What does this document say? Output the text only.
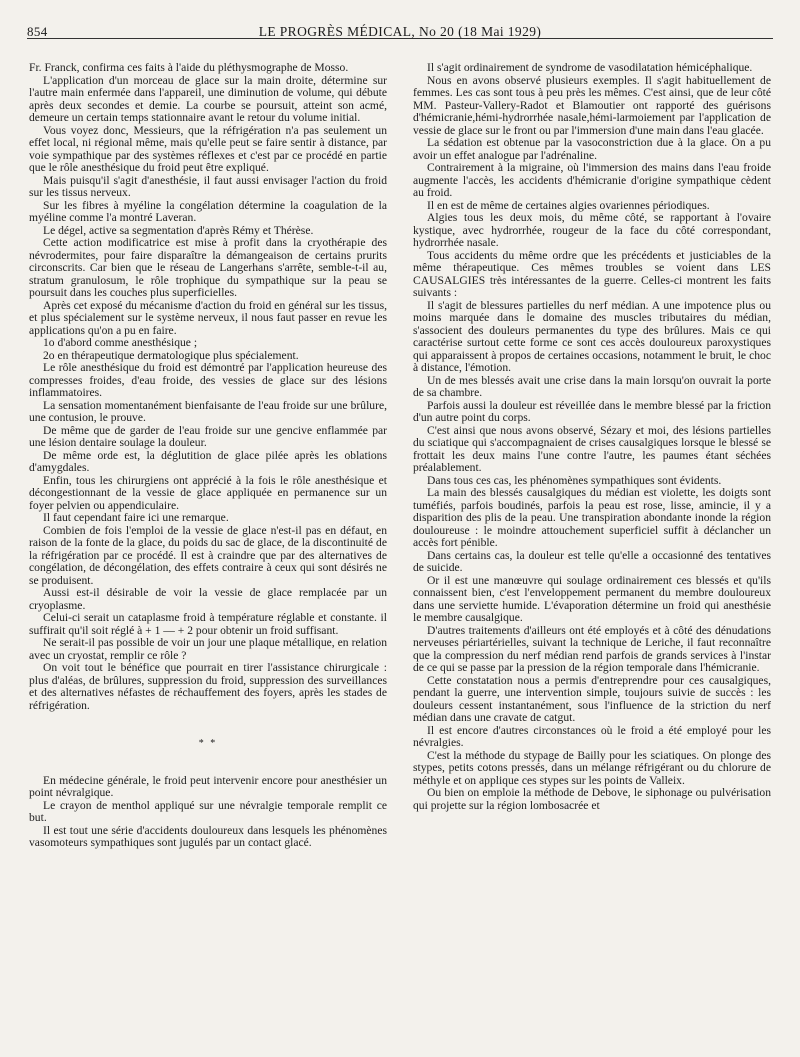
854	LE PROGRÈS MÉDICAL, No 20 (18 Mai 1929)

Fr. Franck, confirma ces faits à l'aide du pléthysmographe de Mosso.

L'application d'un morceau de glace sur la main droite, détermine sur l'autre main enfermée dans l'appareil, une diminution de volume, qui débute après deux secondes et demie. La courbe se poursuit, atteint son acmé, demeure un certain temps stationnaire avant le retour du volume initial.

Vous voyez donc, Messieurs, que la réfrigération n'a pas seulement un effet local, ni régional même, mais qu'elle peut se faire sentir à distance, par voie sympathique par des systèmes réflexes et c'est par ce procédé en partie que le rôle anesthésique du froid peut être expliqué.

Mais puisqu'il s'agit d'anesthésie, il faut aussi envisager l'action du froid sur les tissus nerveux.

Sur les fibres à myéline la congélation détermine la coagulation de la myéline comme l'a montré Laveran.

Le dégel, active sa segmentation d'après Rémy et Thérèse.

Cette action modificatrice est mise à profit dans la cryothérapie des névrodermites, pour faire disparaître la démangeaison de certains prurits circonscrits. Car bien que le réseau de Langerhans s'arrête, semble-t-il au, stratum granulosum, le rôle trophique du sympathique sur la peau se poursuit dans les couches plus superficielles.

Après cet exposé du mécanisme d'action du froid en général sur les tissus, et plus spécialement sur le système nerveux, il nous faut passer en revue les applications qu'on a pu en faire.

1o d'abord comme anesthésique ;

2o en thérapeutique dermatologique plus spécialement.

Le rôle anesthésique du froid est démontré par l'application heureuse des compresses froides, d'eau froide, des vessies de glace sur des lésions inflammatoires.

La sensation momentanément bienfaisante de l'eau froide sur une brûlure, une contusion, le prouve.

De même que de garder de l'eau froide sur une gencive enflammée par une lésion dentaire soulage la douleur.

De même orde est, la déglutition de glace pilée après les oblations d'amygdales.

Enfin, tous les chirurgiens ont apprécié à la fois le rôle anesthésique et décongestionnant de la vessie de glace appliquée en permanence sur un foyer pelvien ou appendiculaire.

Il faut cependant faire ici une remarque.

Combien de fois l'emploi de la vessie de glace n'est-il pas en défaut, en raison de la fonte de la glace, du poids du sac de glace, de la discontinuité de la réfrigération par ce procédé. Il est à craindre que par des alternatives de congélation, de décongélation, des effets contraire à ceux qui sont désirés ne se produisent.

Aussi est-il désirable de voir la vessie de glace remplacée par un cryoplasme.

Celui-ci serait un cataplasme froid à température réglable et constante. il suffirait qu'il soit réglé à + 1 — + 2 pour obtenir un froid suffisant.

Ne serait-il pas possible de voir un jour une plaque métallique, en relation avec un cryostat, remplir ce rôle ?

On voit tout le bénéfice que pourrait en tirer l'assistance chirurgicale : plus d'aléas, de brûlures, suppression du froid, suppression des surveillances et des alternatives néfastes de réchauffement des foyers, après les stades de réfrigération.

* *

En médecine générale, le froid peut intervenir encore pour anesthésier un point névralgique.

Le crayon de menthol appliqué sur une névralgie temporale remplit ce but.

Il est tout une série d'accidents douloureux dans lesquels les phénomènes vasomoteurs sympathiques sont jugulés par un contact glacé.

Il s'agit ordinairement de syndrome de vasodilatation hémicéphalique.

Nous en avons observé plusieurs exemples. Il s'agit habituellement de femmes. Les cas sont tous à peu près les mêmes. C'est ainsi, que de leur côté MM. Pasteur-Vallery-Radot et Blamoutier ont rapporté des guérisons d'hémicranie,hémi-hydrorrhée nasale,hémi-larmoiement par l'application de vessie de glace sur le front ou par l'immersion d'une main dans l'eau glacée.

La sédation est obtenue par la vasoconstriction due à la glace. On a pu avoir un effet analogue par l'adrénaline.

Contrairement à la migraine, où l'immersion des mains dans l'eau froide augmente l'accès, les accidents d'hémicranie d'origine sympathique cèdent au froid.

Il en est de même de certaines algies ovariennes périodiques.

Algies tous les deux mois, du même côté, se rapportant à l'ovaire kystique, avec hydrorrhée, rougeur de la face du côté correspondant, hydrorrhée nasale.

Tous accidents du même ordre que les précédents et justiciables de la même thérapeutique. Ces mêmes troubles se voient dans LES CAUSALGIES très intéressantes de la guerre. Celles-ci montrent les faits suivants :

Il s'agit de blessures partielles du nerf médian. A une impotence plus ou moins marquée dans le domaine des muscles tributaires du médian, s'associent des douleurs permanentes du type des brûlures. Mais ce qui caractérise surtout cette forme ce sont ces accès douloureux paroxystiques qui apparaissent à propos de certaines occasions, notamment le bruit, le choc à distance, l'émotion.

Un de mes blessés avait une crise dans la main lorsqu'on ouvrait la porte de sa chambre.

Parfois aussi la douleur est réveillée dans le membre blessé par la friction d'un autre point du corps.

C'est ainsi que nous avons observé, Sézary et moi, des lésions partielles du sciatique qui s'accompagnaient de crises causalgiques lorsque le blessé se frottait les deux mains l'une contre l'autre, les paumes étant séchées préalablement.

Dans tous ces cas, les phénomènes sympathiques sont évidents.

La main des blessés causalgiques du médian est violette, les doigts sont tuméfiés, parfois boudinés, parfois la peau est rose, lisse, amincie, il y a disparition des plis de la peau. Une transpiration abondante inonde la région douloureuse : le moindre attouchement superficiel suffit à déclancher un accès fort pénible.

Dans certains cas, la douleur est telle qu'elle a occasionné des tentatives de suicide.

Or il est une manœuvre qui soulage ordinairement ces blessés et qu'ils connaissent bien, c'est l'enveloppement permanent du membre douloureux dans une serviette humide. L'évaporation détermine un froid qui anesthésie le membre causalgique.

D'autres traitements d'ailleurs ont été employés et à côté des dénudations nerveuses périartérielles, suivant la technique de Leriche, il faut reconnaître que la compression du nerf médian rend parfois de grands services à l'instar de ce qui se passe par la pression de la région temporale dans l'hémicranie.

Cette constatation nous a permis d'entreprendre pour ces causalgiques, pendant la guerre, une intervention simple, toujours suivie de succès : les douleurs cessent instantanément, sous l'influence de la striction du nerf médian dans une cravate de catgut.

Il est encore d'autres circonstances où le froid a été employé pour les névralgies.

C'est la méthode du stypage de Bailly pour les sciatiques. On plonge des stypes, petits cotons pressés, dans un mélange réfrigérant ou du chlorure de méthyle et on applique ces stypes sur les points de Valleix.

Ou bien on emploie la méthode de Debove, le siphonage ou pulvérisation qui projette sur la région lombosacrée et
